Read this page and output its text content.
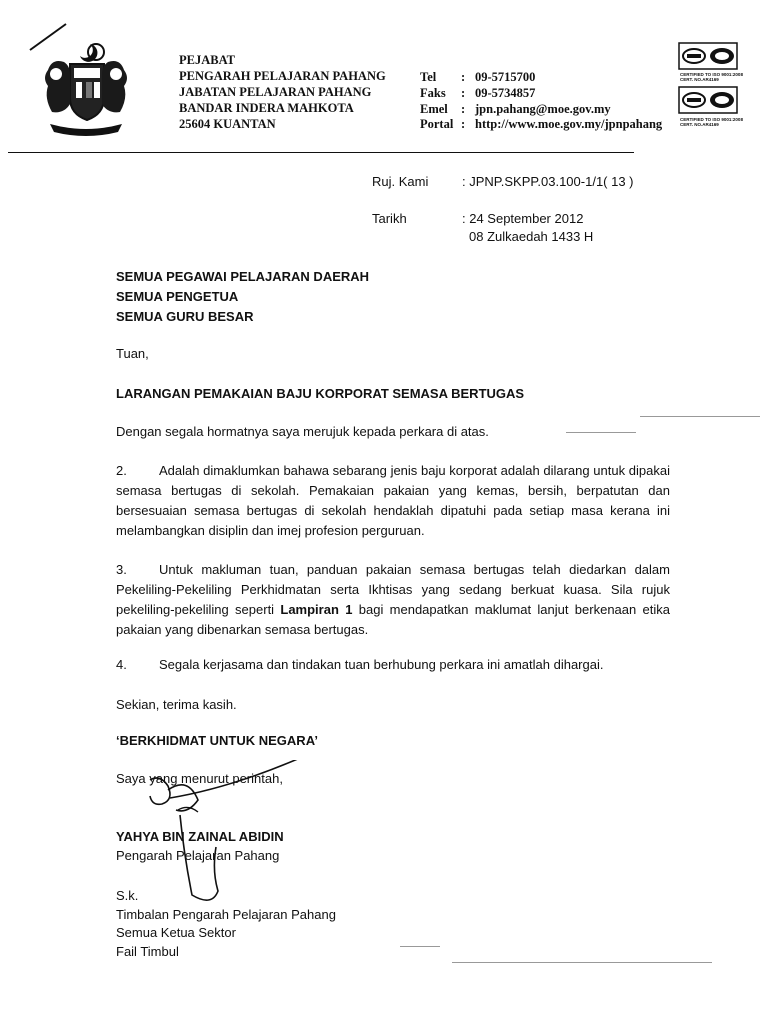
PEJABAT
PENGARAH PELAJARAN PAHANG
JABATAN PELAJARAN PAHANG
BANDAR INDERA MAHKOTA
25604 KUANTAN
Tel
Faks
Emel
Portal
:
:
:
:
09-5715700
09-5734857
jpn.pahang@moe.gov.my
http://www.moe.gov.my/jpnpahang
CERTIFIED TO ISO 9001:2008
CERT. NO.AR4169
CERTIFIED TO ISO 9001:2008
CERT. NO.AR4169
Ruj. Kami	: JPNP.SKPP.03.100-1/1( 13 )
Tarikh	: 24 September 2012
08 Zulkaedah 1433 H
SEMUA PEGAWAI PELAJARAN DAERAH
SEMUA PENGETUA
SEMUA GURU BESAR
Tuan,
LARANGAN PEMAKAIAN BAJU KORPORAT SEMASA BERTUGAS
Dengan segala hormatnya saya merujuk kepada perkara di atas.
2. Adalah dimaklumkan bahawa sebarang jenis baju korporat adalah dilarang untuk dipakai semasa bertugas di sekolah. Pemakaian pakaian yang kemas, bersih, berpatutan dan bersesuaian semasa bertugas di sekolah hendaklah dipatuhi pada setiap masa kerana ini melambangkan disiplin dan imej profesion perguruan.
3. Untuk makluman tuan, panduan pakaian semasa bertugas telah diedarkan dalam Pekeliling-Pekeliling Perkhidmatan serta Ikhtisas yang sedang berkuat kuasa. Sila rujuk pekeliling-pekeliling seperti Lampiran 1 bagi mendapatkan maklumat lanjut berkenaan etika pakaian yang dibenarkan semasa bertugas.
4. Segala kerjasama dan tindakan tuan berhubung perkara ini amatlah dihargai.
Sekian, terima kasih.
‘BERKHIDMAT UNTUK NEGARA’
Saya yang menurut perintah,
YAHYA BIN ZAINAL ABIDIN
Pengarah Pelajaran Pahang
S.k.
Timbalan Pengarah Pelajaran Pahang
Semua Ketua Sektor
Fail Timbul
